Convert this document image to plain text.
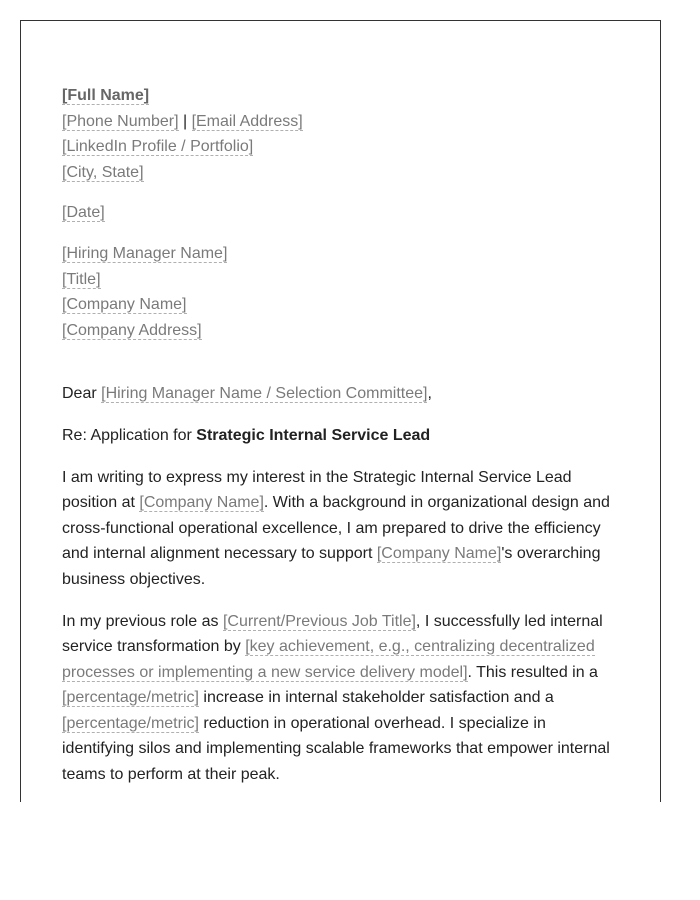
[Full Name]
[Phone Number] | [Email Address]
[LinkedIn Profile / Portfolio]
[City, State]
[Date]
[Hiring Manager Name]
[Title]
[Company Name]
[Company Address]

Dear [Hiring Manager Name / Selection Committee],

Re: Application for Strategic Internal Service Lead

I am writing to express my interest in the Strategic Internal Service Lead position at [Company Name]. With a background in organizational design and cross-functional operational excellence, I am prepared to drive the efficiency and internal alignment necessary to support [Company Name]'s overarching business objectives.

In my previous role as [Current/Previous Job Title], I successfully led internal service transformation by [key achievement, e.g., centralizing decentralized processes or implementing a new service delivery model]. This resulted in a [percentage/metric] increase in internal stakeholder satisfaction and a [percentage/metric] reduction in operational overhead. I specialize in identifying silos and implementing scalable frameworks that empower internal teams to perform at their peak.
